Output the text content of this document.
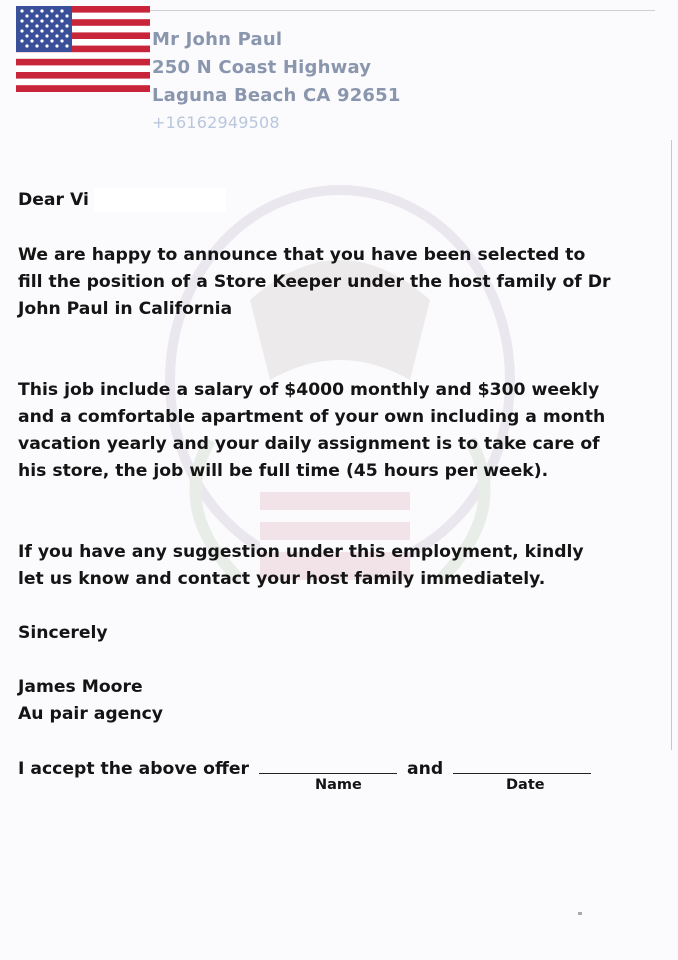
Mr John Paul
250 N Coast Highway
Laguna Beach CA 92651
+16162949508
Dear Vi
We are happy to announce that you have been selected to
fill the position of a Store Keeper under the host family of Dr
John Paul in California
This job include a salary of $4000 monthly and $300 weekly
and a comfortable apartment of your own including a month
vacation yearly and your daily assignment is to take care of
his store, the job will be full time (45 hours per week).
If you have any suggestion under this employment, kindly
let us know and contact your host family immediately.
Sincerely
James Moore
Au pair agency
I accept the above offer	and
Name	Date
